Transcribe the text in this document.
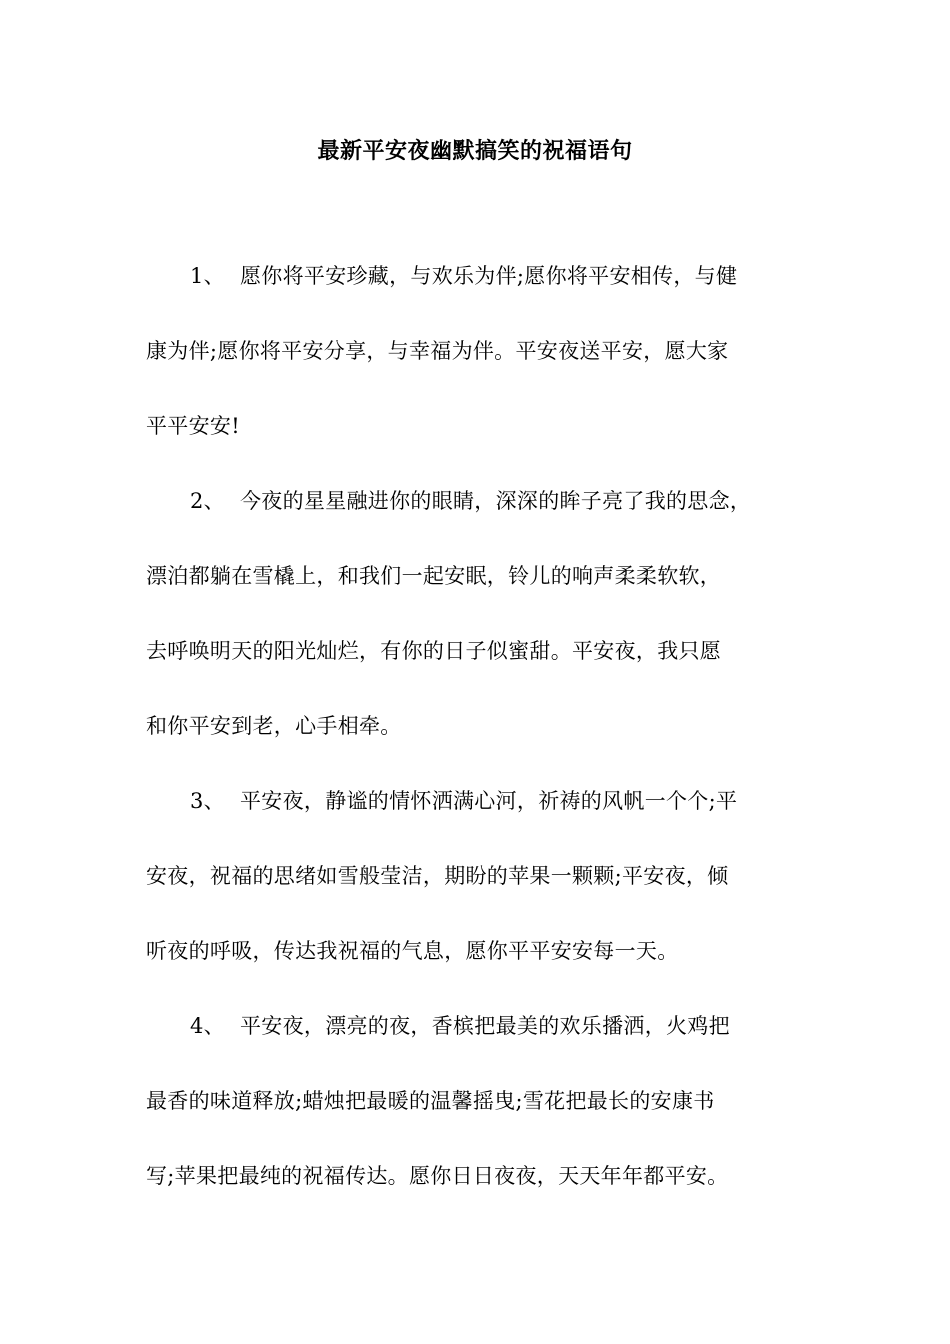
最新平安夜幽默搞笑的祝福语句
1、 愿你将平安珍藏，与欢乐为伴;愿你将平安相传，与健
康为伴;愿你将平安分享，与幸福为伴。平安夜送平安，愿大家
平平安安!
2、 今夜的星星融进你的眼睛，深深的眸子亮了我的思念，
漂泊都躺在雪橇上，和我们一起安眠，铃儿的响声柔柔软软，
去呼唤明天的阳光灿烂，有你的日子似蜜甜。平安夜，我只愿
和你平安到老，心手相牵。
3、 平安夜，静谧的情怀洒满心河，祈祷的风帆一个个;平
安夜，祝福的思绪如雪般莹洁，期盼的苹果一颗颗;平安夜，倾
听夜的呼吸，传达我祝福的气息，愿你平平安安每一天。
4、 平安夜，漂亮的夜，香槟把最美的欢乐播洒，火鸡把
最香的味道释放;蜡烛把最暖的温馨摇曳;雪花把最长的安康书
写;苹果把最纯的祝福传达。愿你日日夜夜，天天年年都平安。
